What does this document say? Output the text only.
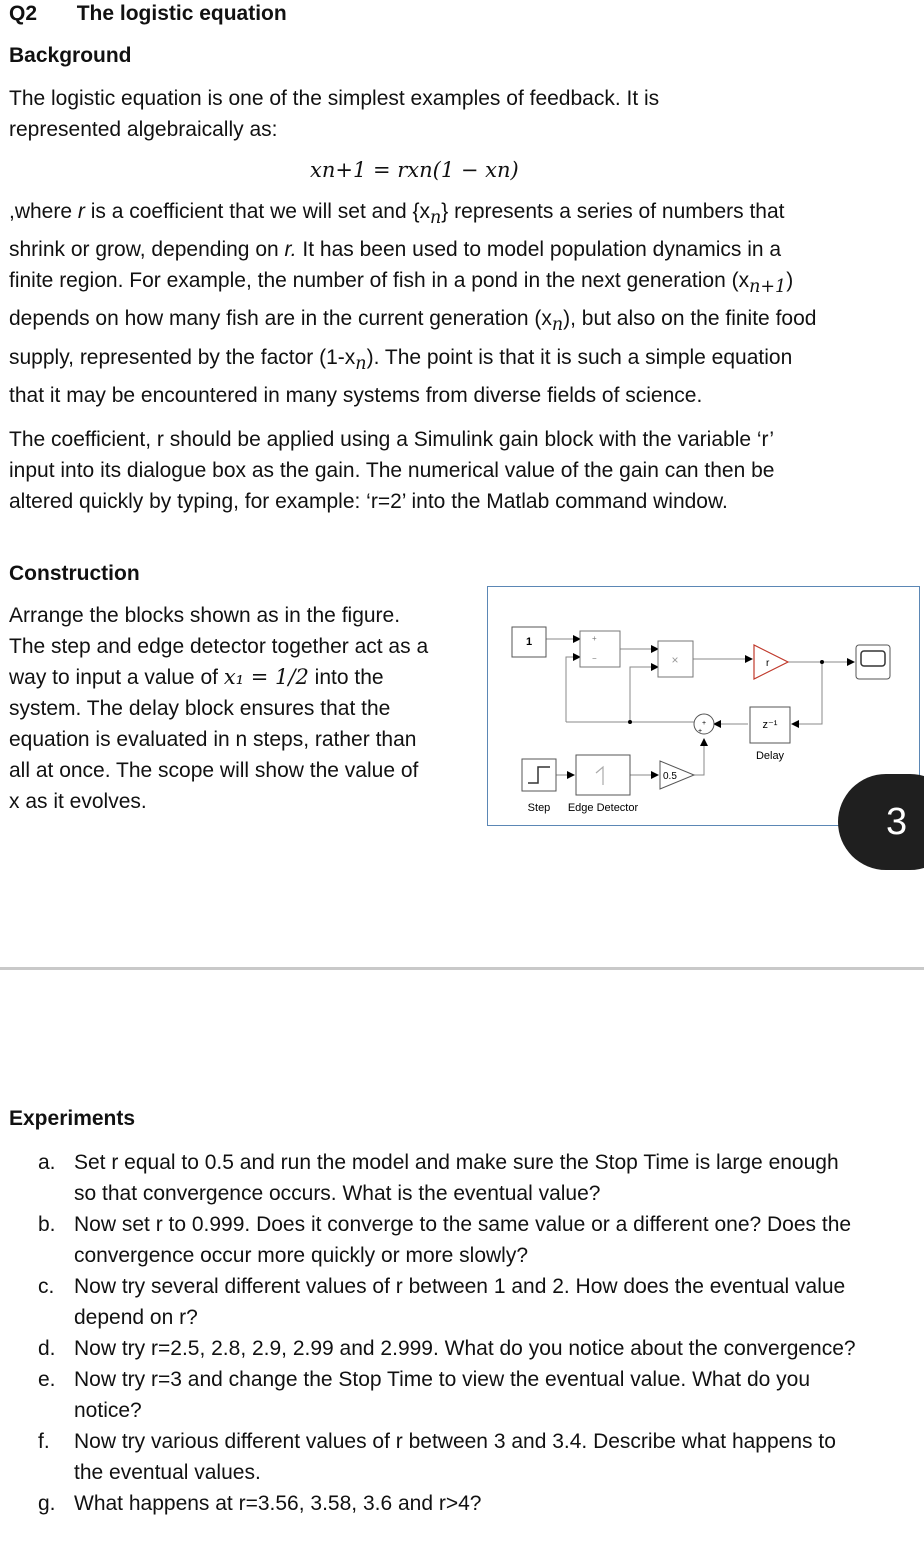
Q2 The logistic equation
Background
The logistic equation is one of the simplest examples of feedback. It is represented algebraically as:
xn+1 = rxn(1 − xn)
,where r is a coefficient that we will set and $\{x_n\}$ represents a series of numbers that shrink or grow, depending on r. It has been used to model population dynamics in a finite region. For example, the number of fish in a pond in the next generation $(x_{n+1})$ depends on how many fish are in the current generation $(x_n)$, but also on the finite food supply, represented by the factor $(1-x_n)$. The point is that it is such a simple equation that it may be encountered in many systems from diverse fields of science.
The coefficient, r should be applied using a Simulink gain block with the variable ‘r’ input into its dialogue box as the gain. The numerical value of the gain can then be altered quickly by typing, for example: ‘r=2’ into the Matlab command window.
Construction
Arrange the blocks shown as in the figure.
The step and edge detector together act as a
way to input a value of x₁ = 1/2 into the
system. The delay block ensures that the
equation is evaluated in n steps, rather than
all at once. The scope will show the value of
x as it evolves.
1	+
−	×	r
z⁻¹
Delay
+
+
Step Edge Detector
0.5
3
Experiments
a. Set r equal to 0.5 and run the model and make sure the Stop Time is large enough so that convergence occurs. What is the eventual value?
b. Now set r to 0.999. Does it converge to the same value or a different one? Does the convergence occur more quickly or more slowly?
c. Now try several different values of r between 1 and 2. How does the eventual value depend on r?
d. Now try r=2.5, 2.8, 2.9, 2.99 and 2.999. What do you notice about the convergence?
e. Now try r=3 and change the Stop Time to view the eventual value. What do you notice?
f.	Now try various different values of r between 3 and 3.4. Describe what happens to the eventual values.
g. What happens at r=3.56, 3.58, 3.6 and r>4?
